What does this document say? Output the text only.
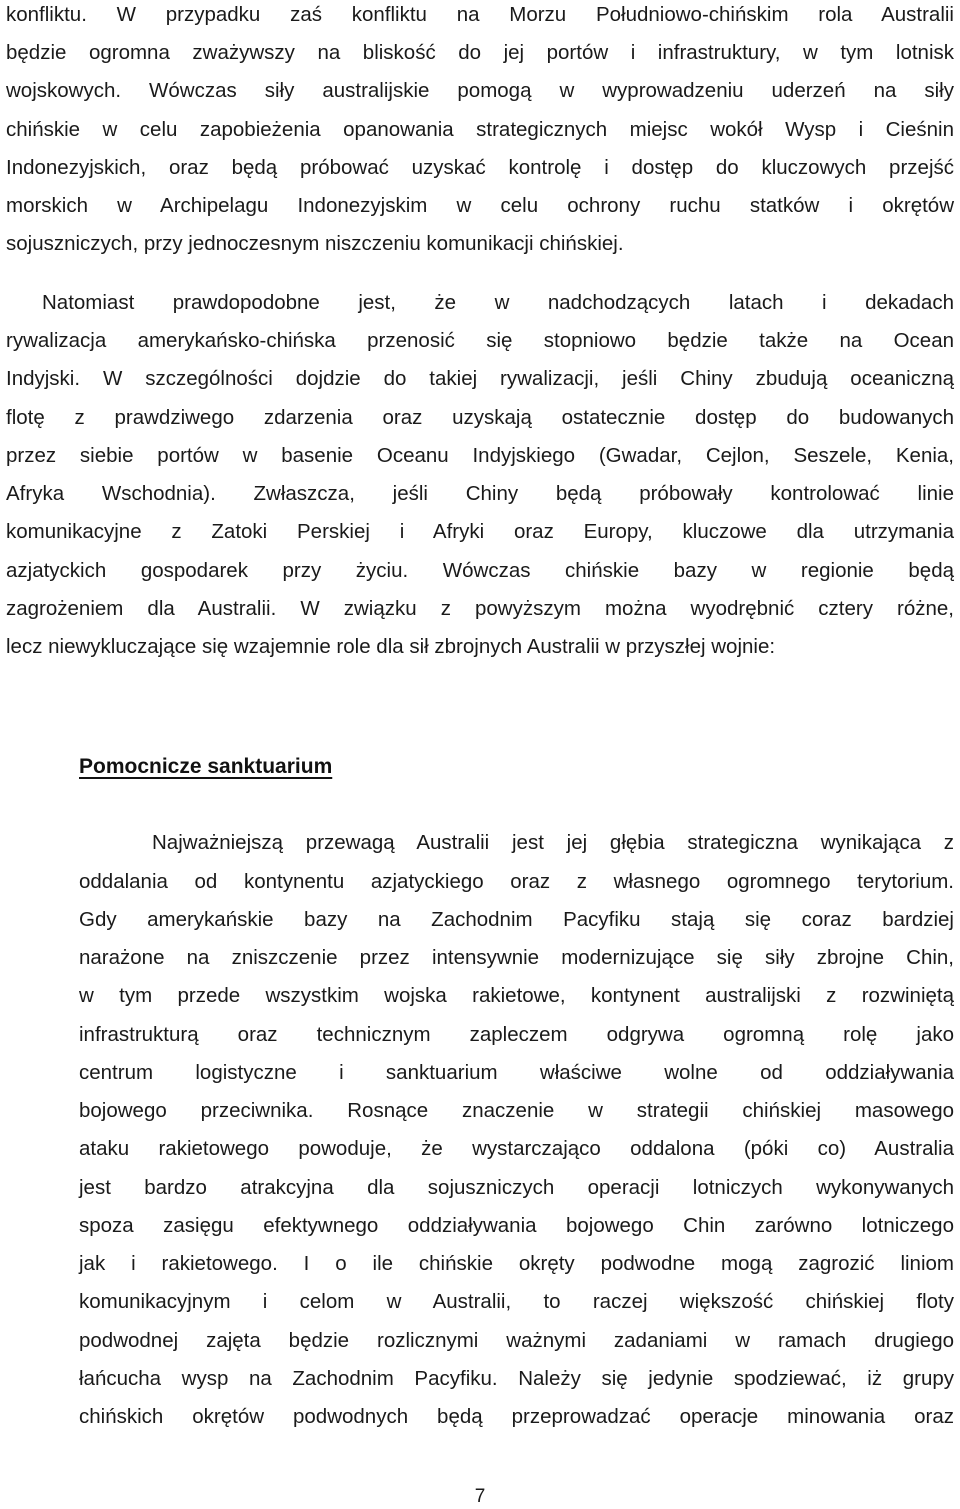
konfliktu. W przypadku zaś konfliktu na Morzu Południowo-chińskim rola Australii
będzie ogromna zważywszy na bliskość do jej portów i infrastruktury, w tym lotnisk
wojskowych. Wówczas siły australijskie pomogą w wyprowadzeniu uderzeń na siły
chińskie w celu zapobieżenia opanowania strategicznych miejsc wokół Wysp i Cieśnin
Indonezyjskich, oraz będą próbować uzyskać kontrolę i dostęp do kluczowych przejść
morskich w Archipelagu Indonezyjskim w celu ochrony ruchu statków i okrętów
sojuszniczych, przy jednoczesnym niszczeniu komunikacji chińskiej.
Natomiast prawdopodobne jest, że w nadchodzących latach i dekadach
rywalizacja amerykańsko-chińska przenosić się stopniowo będzie także na Ocean
Indyjski. W szczególności dojdzie do takiej rywalizacji, jeśli Chiny zbudują oceaniczną
flotę z prawdziwego zdarzenia oraz uzyskają ostatecznie dostęp do budowanych
przez siebie portów w basenie Oceanu Indyjskiego (Gwadar, Cejlon, Seszele, Kenia,
Afryka Wschodnia). Zwłaszcza, jeśli Chiny będą próbowały kontrolować linie
komunikacyjne z Zatoki Perskiej i Afryki oraz Europy, kluczowe dla utrzymania
azjatyckich gospodarek przy życiu. Wówczas chińskie bazy w regionie będą
zagrożeniem dla Australii. W związku z powyższym można wyodrębnić cztery różne,
lecz niewykluczające się wzajemnie role dla sił zbrojnych Australii w przyszłej wojnie:
Pomocnicze sanktuarium
Najważniejszą przewagą Australii jest jej głębia strategiczna wynikająca z
oddalania od kontynentu azjatyckiego oraz z własnego ogromnego terytorium.
Gdy amerykańskie bazy na Zachodnim Pacyfiku stają się coraz bardziej
narażone na zniszczenie przez intensywnie modernizujące się siły zbrojne Chin,
w tym przede wszystkim wojska rakietowe, kontynent australijski z rozwiniętą
infrastrukturą oraz technicznym zapleczem odgrywa ogromną rolę jako
centrum logistyczne i sanktuarium właściwe wolne od oddziaływania
bojowego przeciwnika. Rosnące znaczenie w strategii chińskiej masowego
ataku rakietowego powoduje, że wystarczająco oddalona (póki co) Australia
jest bardzo atrakcyjna dla sojuszniczych operacji lotniczych wykonywanych
spoza zasięgu efektywnego oddziaływania bojowego Chin zarówno lotniczego
jak i rakietowego. I o ile chińskie okręty podwodne mogą zagrozić liniom
komunikacyjnym i celom w Australii, to raczej większość chińskiej floty
podwodnej zajęta będzie rozlicznymi ważnymi zadaniami w ramach drugiego
łańcucha wysp na Zachodnim Pacyfiku. Należy się jedynie spodziewać, iż grupy
chińskich okrętów podwodnych będą przeprowadzać operacje minowania oraz
7
